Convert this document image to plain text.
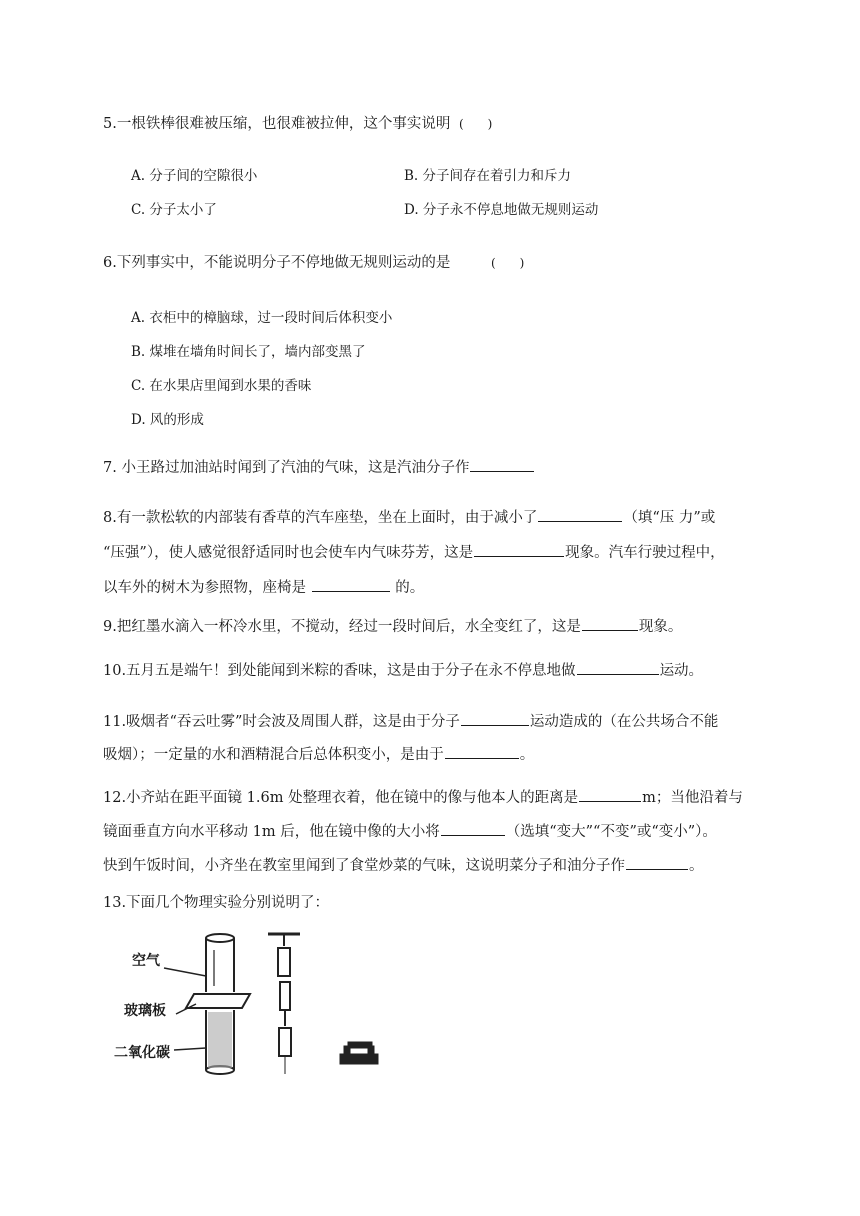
5.一根铁棒很难被压缩，也很难被拉伸，这个事实说明 (　　)
A. 分子间的空隙很小	B. 分子间存在着引力和斥力
C. 分子太小了	D. 分子永不停息地做无规则运动
6.下列事实中，不能说明分子不停地做无规则运动的是	(　　)
A. 衣柜中的樟脑球，过一段时间后体积变小
B. 煤堆在墙角时间长了，墙内部变黑了
C. 在水果店里闻到水果的香味
D. 风的形成
7. 小王路过加油站时闻到了汽油的气味，这是汽油分子作
8.有一款松软的内部装有香草的汽车座垫，坐在上面时，由于减小了	（填“压 力”或
“压强”），使人感觉很舒适同时也会使车内气味芬芳，这是	现象。汽车行驶过程中，
以车外的树木为参照物，座椅是	的。
9.把红墨水滴入一杯冷水里，不搅动，经过一段时间后，水全变红了，这是	现象。
10.五月五是端午！到处能闻到米粽的香味，这是由于分子在永不停息地做	运动。
11.吸烟者“吞云吐雾”时会波及周围人群，这是由于分子	运动造成的（在公共场合不能
吸烟）；一定量的水和酒精混合后总体积变小，是由于	。
12.小齐站在距平面镜 1.6m 处整理衣着，他在镜中的像与他本人的距离是	m；当他沿着与
镜面垂直方向水平移动 1m 后，他在镜中像的大小将	（选填“变大”“不变”或“变小”）。
快到午饭时间，小齐坐在教室里闻到了食堂炒菜的气味，这说明菜分子和油分子作	。
13.下面几个物理实验分别说明了：
空气
玻璃板
二氧化碳
